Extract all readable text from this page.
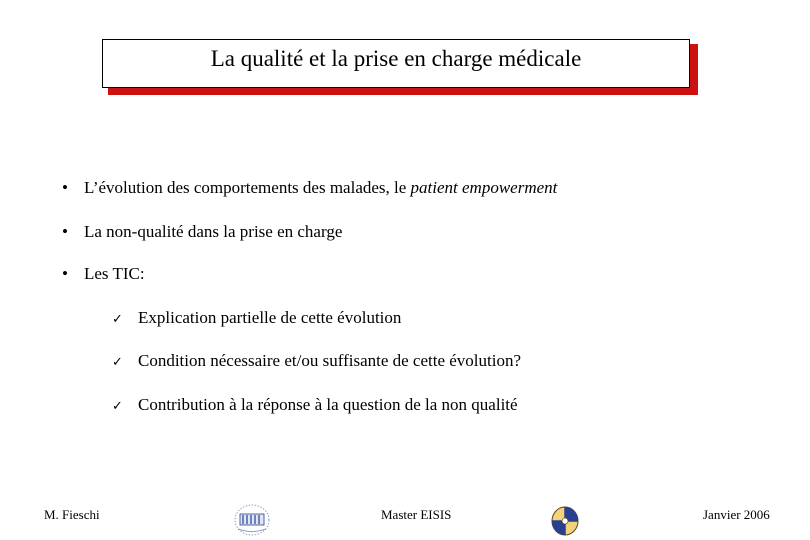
La qualité et la prise en charge médicale
• L’évolution des comportements des malades, le patient empowerment
• La non-qualité dans la prise en charge
• Les TIC:
✓ Explication partielle de cette évolution
✓ Condition nécessaire et/ou suffisante de cette évolution?
✓ Contribution à la réponse à la question de la non qualité
M. Fieschi	Master EISIS	Janvier 2006
